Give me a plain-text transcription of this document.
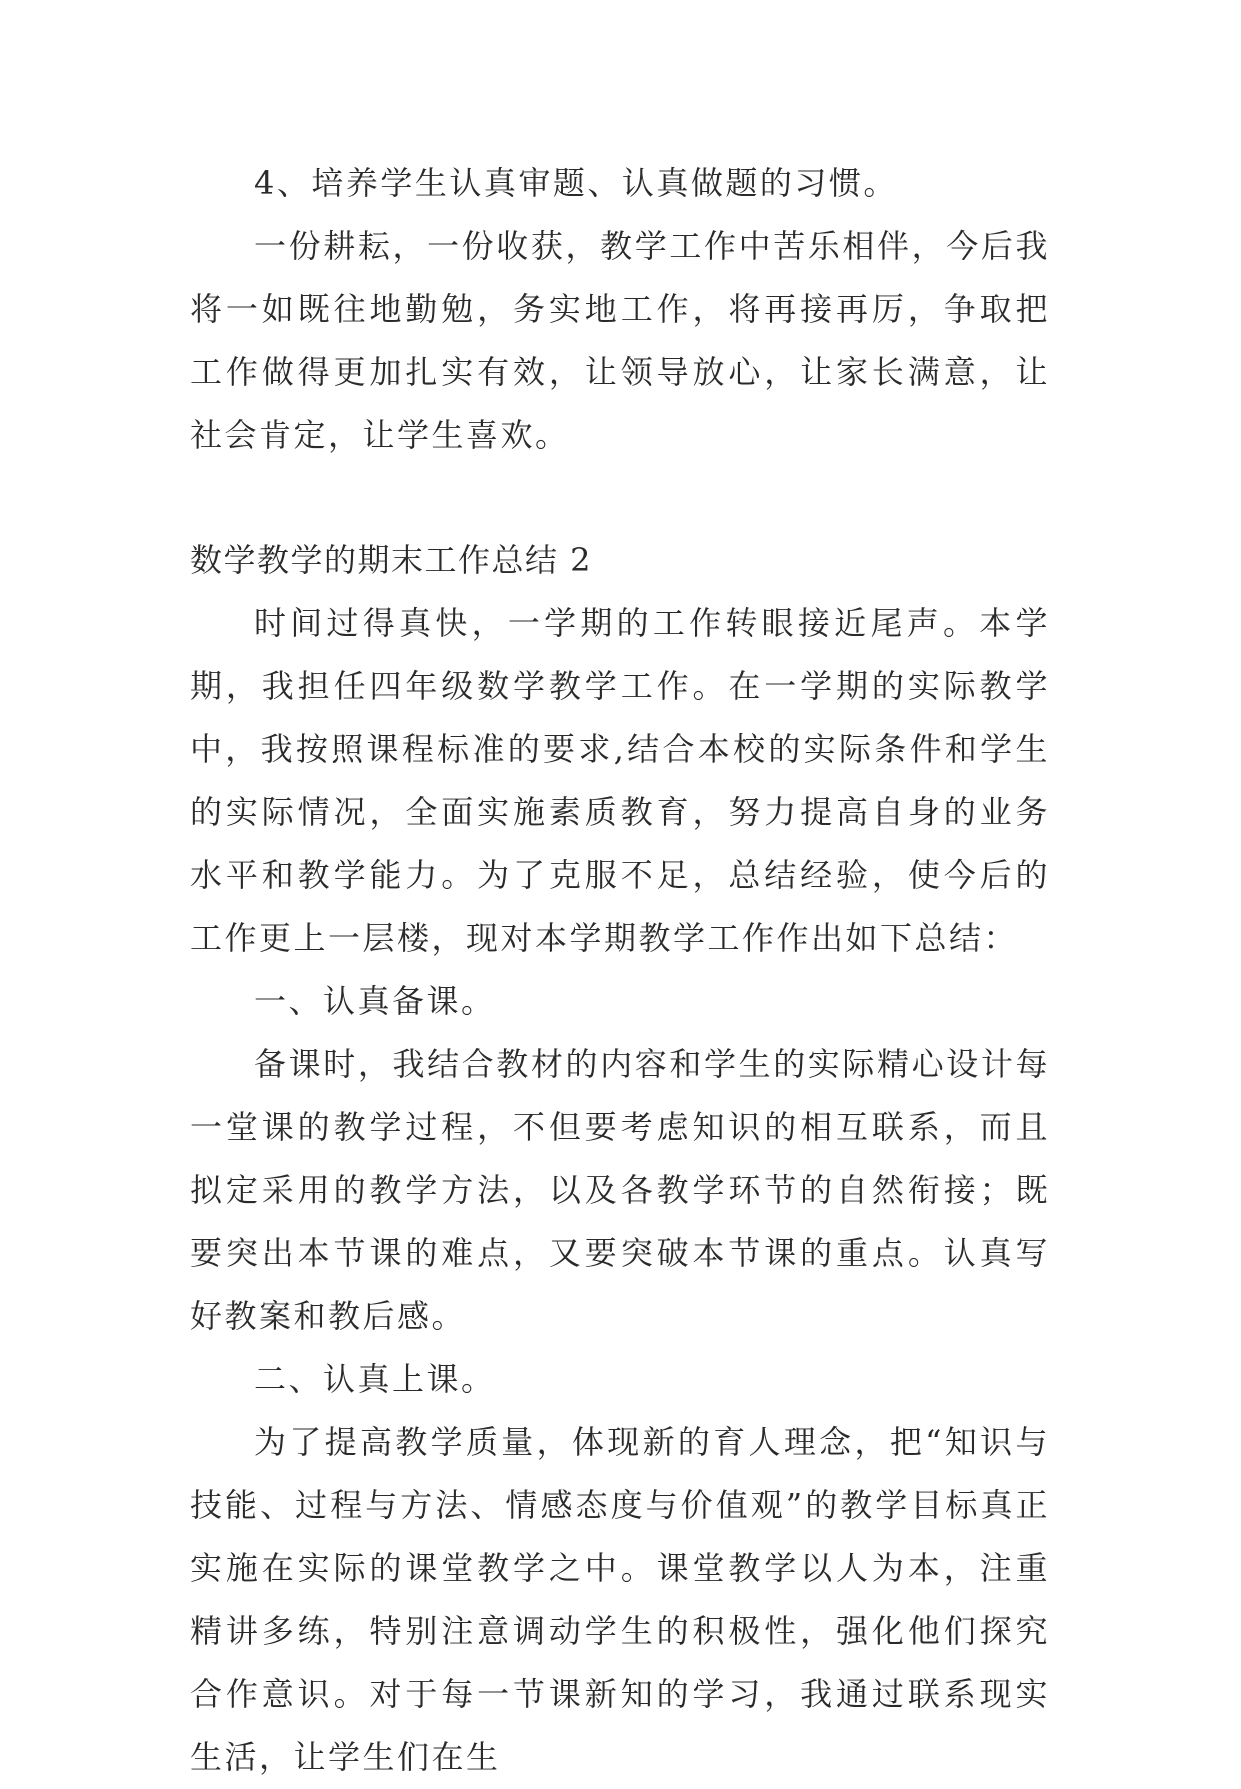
4、培养学生认真审题、认真做题的习惯。

一份耕耘，一份收获，教学工作中苦乐相伴，今后我将一如既往地勤勉，务实地工作，将再接再厉，争取把工作做得更加扎实有效，让领导放心，让家长满意，让社会肯定，让学生喜欢。

数学教学的期末工作总结 2

时间过得真快，一学期的工作转眼接近尾声。本学期，我担任四年级数学教学工作。在一学期的实际教学中，我按照课程标准的要求,结合本校的实际条件和学生的实际情况，全面实施素质教育，努力提高自身的业务水平和教学能力。为了克服不足，总结经验，使今后的工作更上一层楼，现对本学期教学工作作出如下总结：

一、认真备课。

备课时，我结合教材的内容和学生的实际精心设计每一堂课的教学过程，不但要考虑知识的相互联系，而且拟定采用的教学方法，以及各教学环节的自然衔接；既要突出本节课的难点，又要突破本节课的重点。认真写好教案和教后感。

二、认真上课。

为了提高教学质量，体现新的育人理念，把“知识与技能、过程与方法、情感态度与价值观”的教学目标真正实施在实际的课堂教学之中。课堂教学以人为本，注重精讲多练，特别注意调动学生的积极性，强化他们探究合作意识。对于每一节课新知的学习，我通过联系现实生活，让学生们在生
